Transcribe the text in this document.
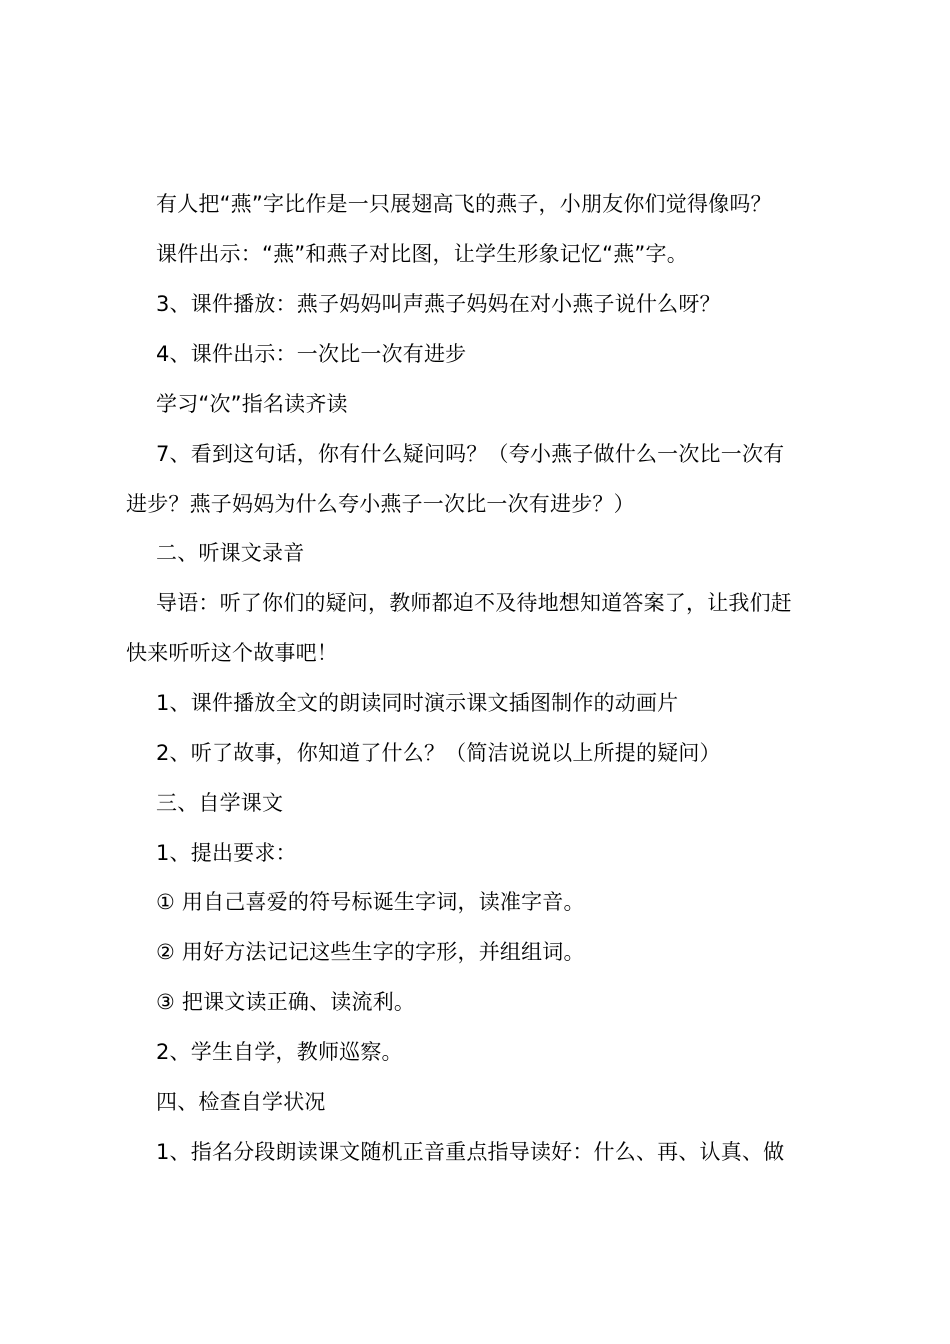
有人把“燕”字比作是一只展翅高飞的燕子，小朋友你们觉得像吗？
课件出示：“燕”和燕子对比图，让学生形象记忆“燕”字。
3、课件播放：燕子妈妈叫声燕子妈妈在对小燕子说什么呀？
4、课件出示：一次比一次有进步
学习“次”指名读齐读
7、看到这句话，你有什么疑问吗？（夸小燕子做什么一次比一次有
进步？燕子妈妈为什么夸小燕子一次比一次有进步？）
二、听课文录音
导语：听了你们的疑问，教师都迫不及待地想知道答案了，让我们赶
快来听听这个故事吧！
1、课件播放全文的朗读同时演示课文插图制作的动画片
2、听了故事，你知道了什么？（简洁说说以上所提的疑问）
三、自学课文
1、提出要求：
① 用自己喜爱的符号标诞生字词，读准字音。
② 用好方法记记这些生字的字形，并组组词。
③ 把课文读正确、读流利。
2、学生自学，教师巡察。
四、检查自学状况
1、指名分段朗读课文随机正音重点指导读好：什么、再、认真、做
